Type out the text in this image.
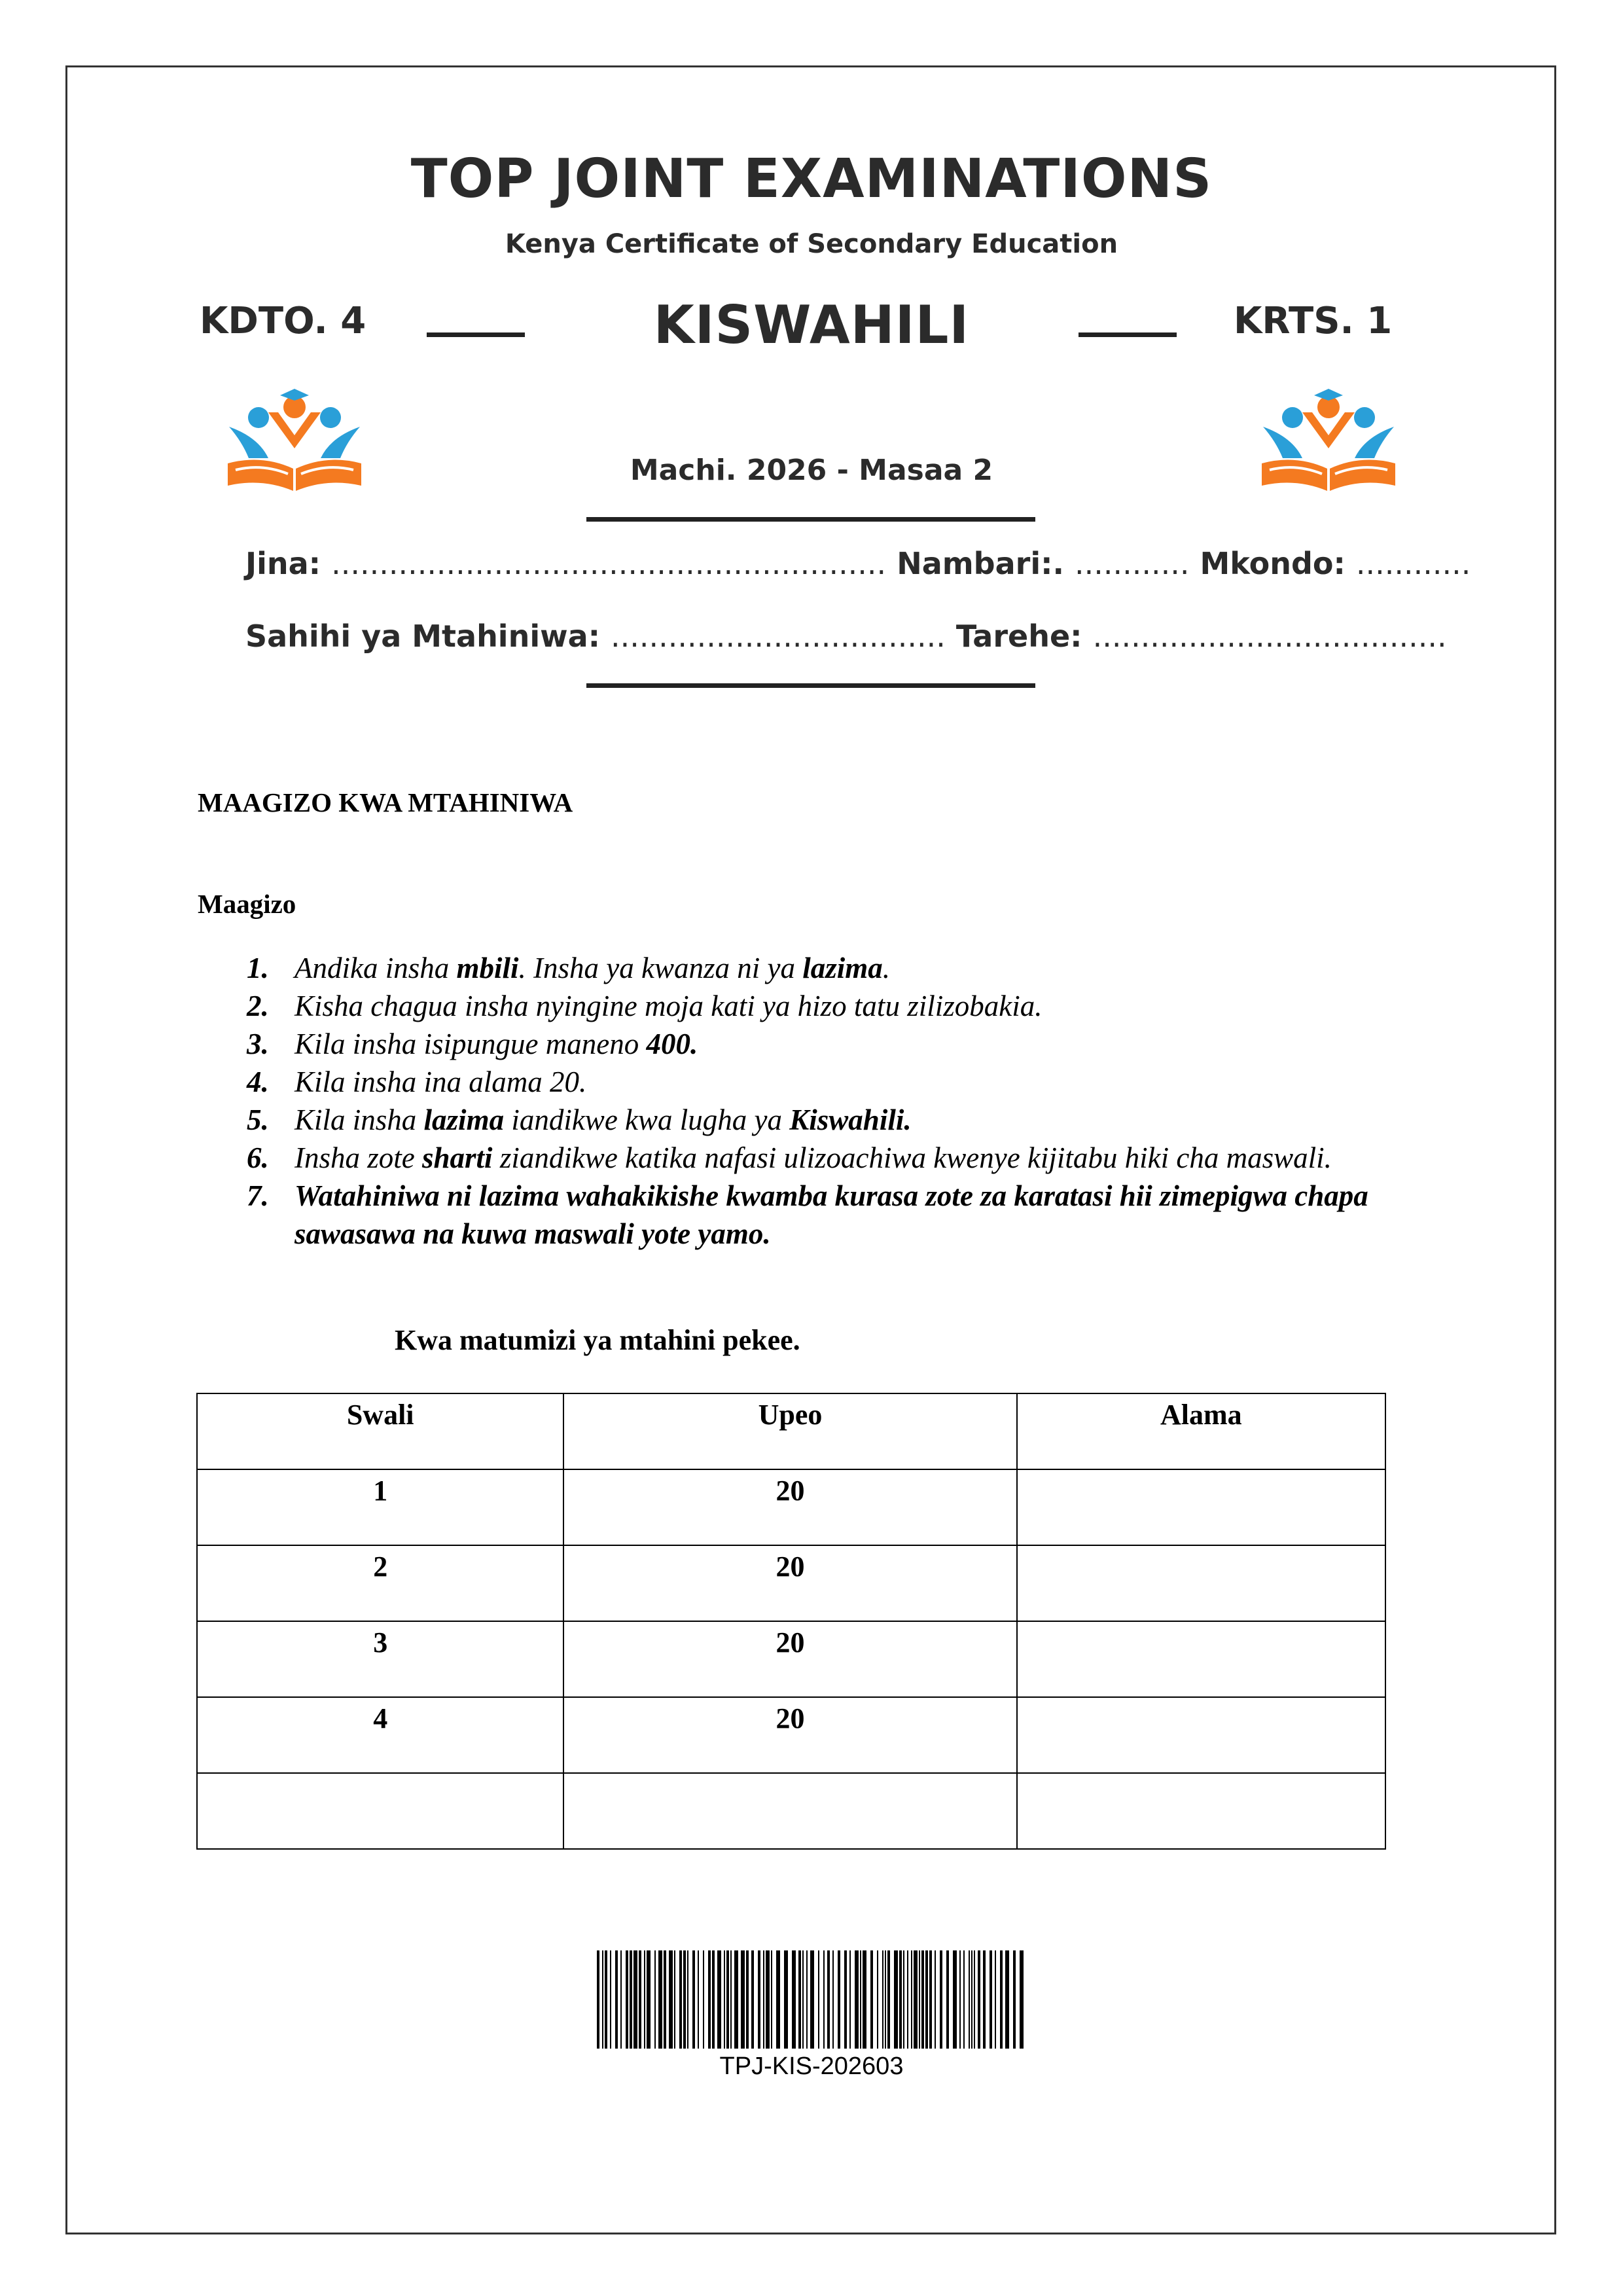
TOP JOINT EXAMINATIONS
Kenya Certificate of Secondary Education
KDTO. 4	KISWAHILI	KRTS. 1
Machi. 2026 - Masaa 2
Jina: .......................................................... Nambari:. ............ Mkondo: ............
Sahihi ya Mtahiniwa: ................................... Tarehe: .....................................
MAAGIZO KWA MTAHINIWA
Maagizo
1. Andika insha mbili. Insha ya kwanza ni ya lazima.
2. Kisha chagua insha nyingine moja kati ya hizo tatu zilizobakia.
3. Kila insha isipungue maneno 400.
4. Kila insha ina alama 20.
5. Kila insha lazima iandikwe kwa lugha ya Kiswahili.
6. Insha zote sharti ziandikwe katika nafasi ulizoachiwa kwenye kijitabu hiki cha maswali.
7. Watahiniwa ni lazima wahakikishe kwamba kurasa zote za karatasi hii zimepigwa chapa sawasawa na kuwa maswali yote yamo.
Kwa matumizi ya mtahini pekee.
Swali	Upeo	Alama
1	20	
2	20	
3	20	
4	20	

TPJ-KIS-202603
